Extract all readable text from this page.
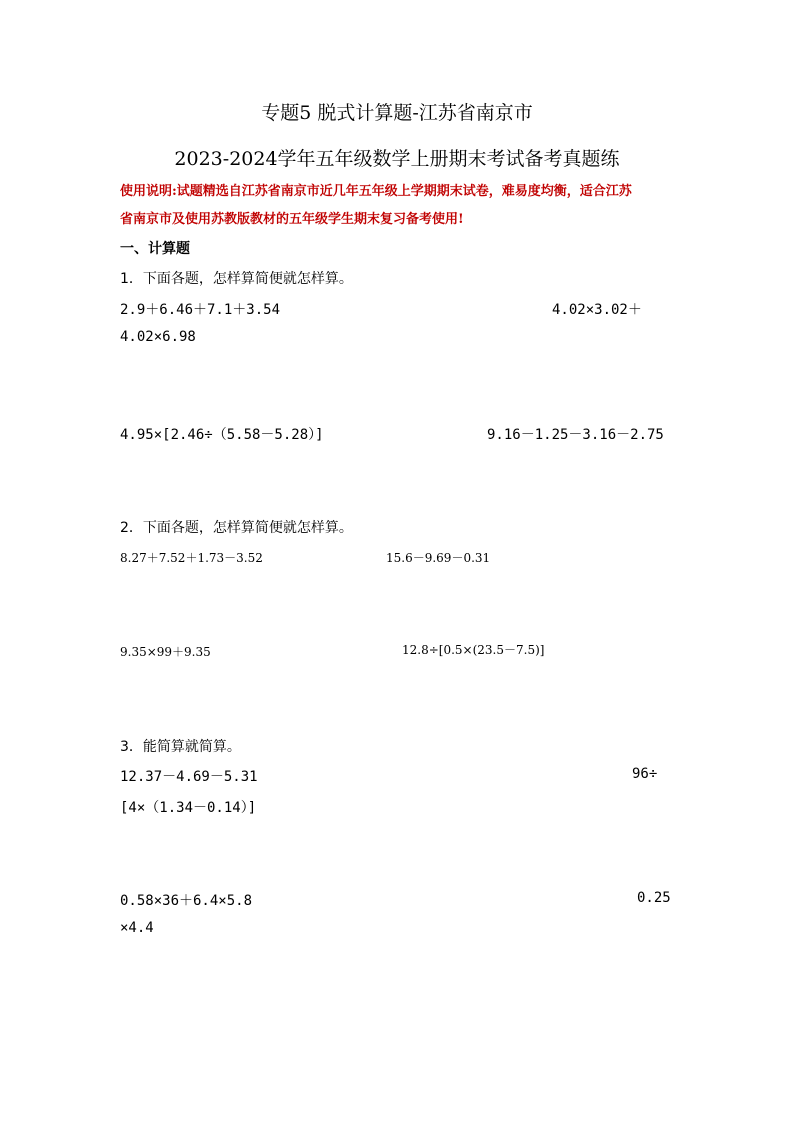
专题5 脱式计算题-江苏省南京市
2023-2024学年五年级数学上册期末考试备考真题练
使用说明:试题精选自江苏省南京市近几年五年级上学期期末试卷，难易度均衡，适合江苏
省南京市及使用苏教版教材的五年级学生期末复习备考使用!
一、计算题
1．下面各题，怎样算简便就怎样算。
2.9＋6.46＋7.1＋3.54	4.02×3.02＋
4.02×6.98
4.95×[2.46÷（5.58－5.28）]	9.16－1.25－3.16－2.75
2．下面各题，怎样算简便就怎样算。
8.27＋7.52＋1.73－3.52	15.6－9.69－0.31
9.35×99＋9.35	12.8÷[0.5×(23.5－7.5)]
3．能简算就简算。
12.37－4.69－5.31	96÷
[4×（1.34－0.14）]
0.58×36＋6.4×5.8	0.25
×4.4
